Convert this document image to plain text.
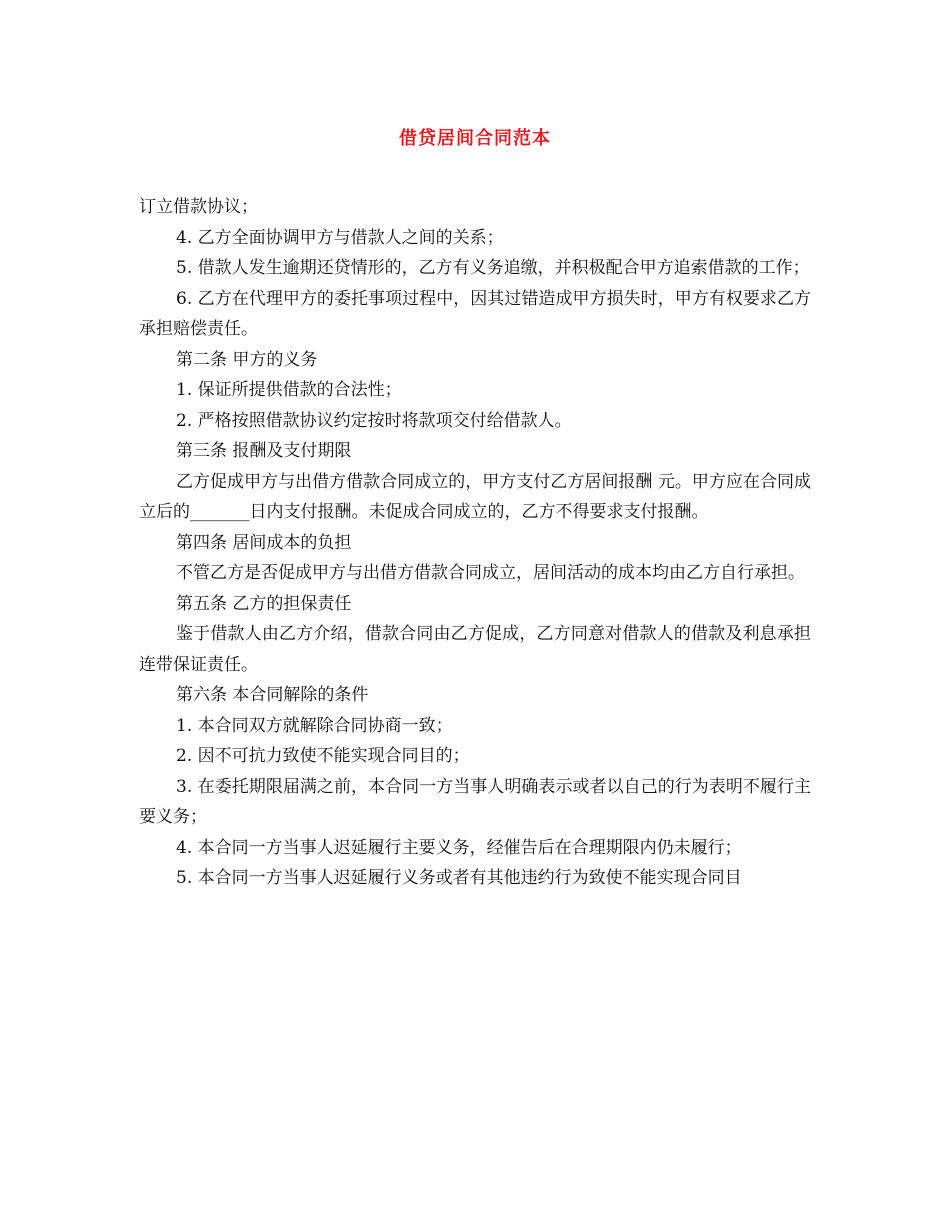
借贷居间合同范本

订立借款协议；

4. 乙方全面协调甲方与借款人之间的关系；

5. 借款人发生逾期还贷情形的，乙方有义务追缴，并积极配合甲方追索借款的工作；

6. 乙方在代理甲方的委托事项过程中，因其过错造成甲方损失时，甲方有权要求乙方承担赔偿责任。

第二条 甲方的义务

1. 保证所提供借款的合法性；

2. 严格按照借款协议约定按时将款项交付给借款人。

第三条 报酬及支付期限

乙方促成甲方与出借方借款合同成立的，甲方支付乙方居间报酬 元。甲方应在合同成立后的_______日内支付报酬。未促成合同成立的，乙方不得要求支付报酬。

第四条 居间成本的负担

不管乙方是否促成甲方与出借方借款合同成立，居间活动的成本均由乙方自行承担。

第五条 乙方的担保责任

鉴于借款人由乙方介绍，借款合同由乙方促成，乙方同意对借款人的借款及利息承担连带保证责任。

第六条 本合同解除的条件

1. 本合同双方就解除合同协商一致；

2. 因不可抗力致使不能实现合同目的；

3. 在委托期限届满之前，本合同一方当事人明确表示或者以自己的行为表明不履行主要义务；

4. 本合同一方当事人迟延履行主要义务，经催告后在合理期限内仍未履行；

5. 本合同一方当事人迟延履行义务或者有其他违约行为致使不能实现合同目
